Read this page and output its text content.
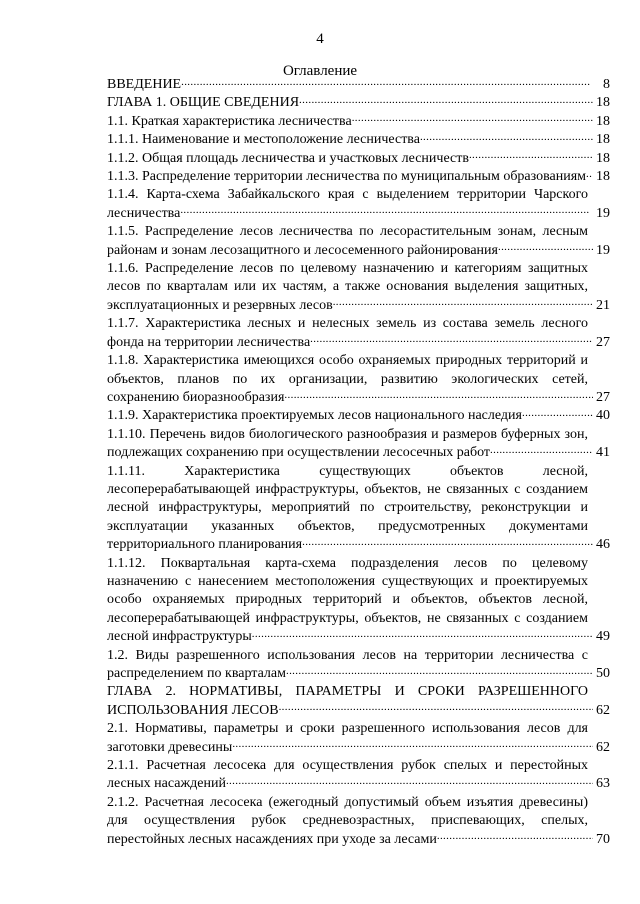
4
Оглавление
ВВЕДЕНИЕ . . .	8
ГЛАВА 1. ОБЩИЕ СВЕДЕНИЯ . . .	18
1.1. Краткая характеристика лесничества . . .	18
1.1.1. Наименование и местоположение лесничества . . .	18
1.1.2. Общая площадь лесничества и участковых лесничеств . . .	18
1.1.3. Распределение территории лесничества по муниципальным образованиям . . . 18
1.1.4. Карта-схема Забайкальского края с выделением территории Чарского лесничества . . .	19
1.1.5. Распределение лесов лесничества по лесорастительным зонам, лесным районам и зонам лесозащитного и лесосеменного районирования . . .	19
1.1.6. Распределение лесов по целевому назначению и категориям защитных лесов по кварталам или их частям, а также основания выделения защитных, эксплуатационных и резервных лесов . . .	21
1.1.7. Характеристика лесных и нелесных земель из состава земель лесного фонда на территории лесничества . . .	27
1.1.8. Характеристика имеющихся особо охраняемых природных территорий и объектов, планов по их организации, развитию экологических сетей, сохранению биоразнообразия . . .	27
1.1.9. Характеристика проектируемых лесов национального наследия . . .	40
1.1.10. Перечень видов биологического разнообразия и размеров буферных зон, подлежащих сохранению при осуществлении лесосечных работ . . .	41
1.1.11. Характеристика существующих объектов лесной, лесоперерабатывающей инфраструктуры, объектов, не связанных с созданием лесной инфраструктуры, мероприятий по строительству, реконструкции и эксплуатации указанных объектов, предусмотренных документами территориального планирования . . .	46
1.1.12. Поквартальная карта-схема подразделения лесов по целевому назначению с нанесением местоположения существующих и проектируемых особо охраняемых природных территорий и объектов, объектов лесной, лесоперерабатывающей инфраструктуры, объектов, не связанных с созданием лесной инфраструктуры . . .	49
1.2. Виды разрешенного использования лесов на территории лесничества с распределением по кварталам . . .	50
ГЛАВА 2. НОРМАТИВЫ, ПАРАМЕТРЫ И СРОКИ РАЗРЕШЕННОГО ИСПОЛЬЗОВАНИЯ ЛЕСОВ . . .	62
2.1. Нормативы, параметры и сроки разрешенного использования лесов для заготовки древесины . . .	62
2.1.1. Расчетная лесосека для осуществления рубок спелых и перестойных лесных насаждений . . .	63
2.1.2. Расчетная лесосека (ежегодный допустимый объем изъятия древесины) для осуществления рубок средневозрастных, приспевающих, спелых, перестойных лесных насаждениях при уходе за лесами . . .	70
